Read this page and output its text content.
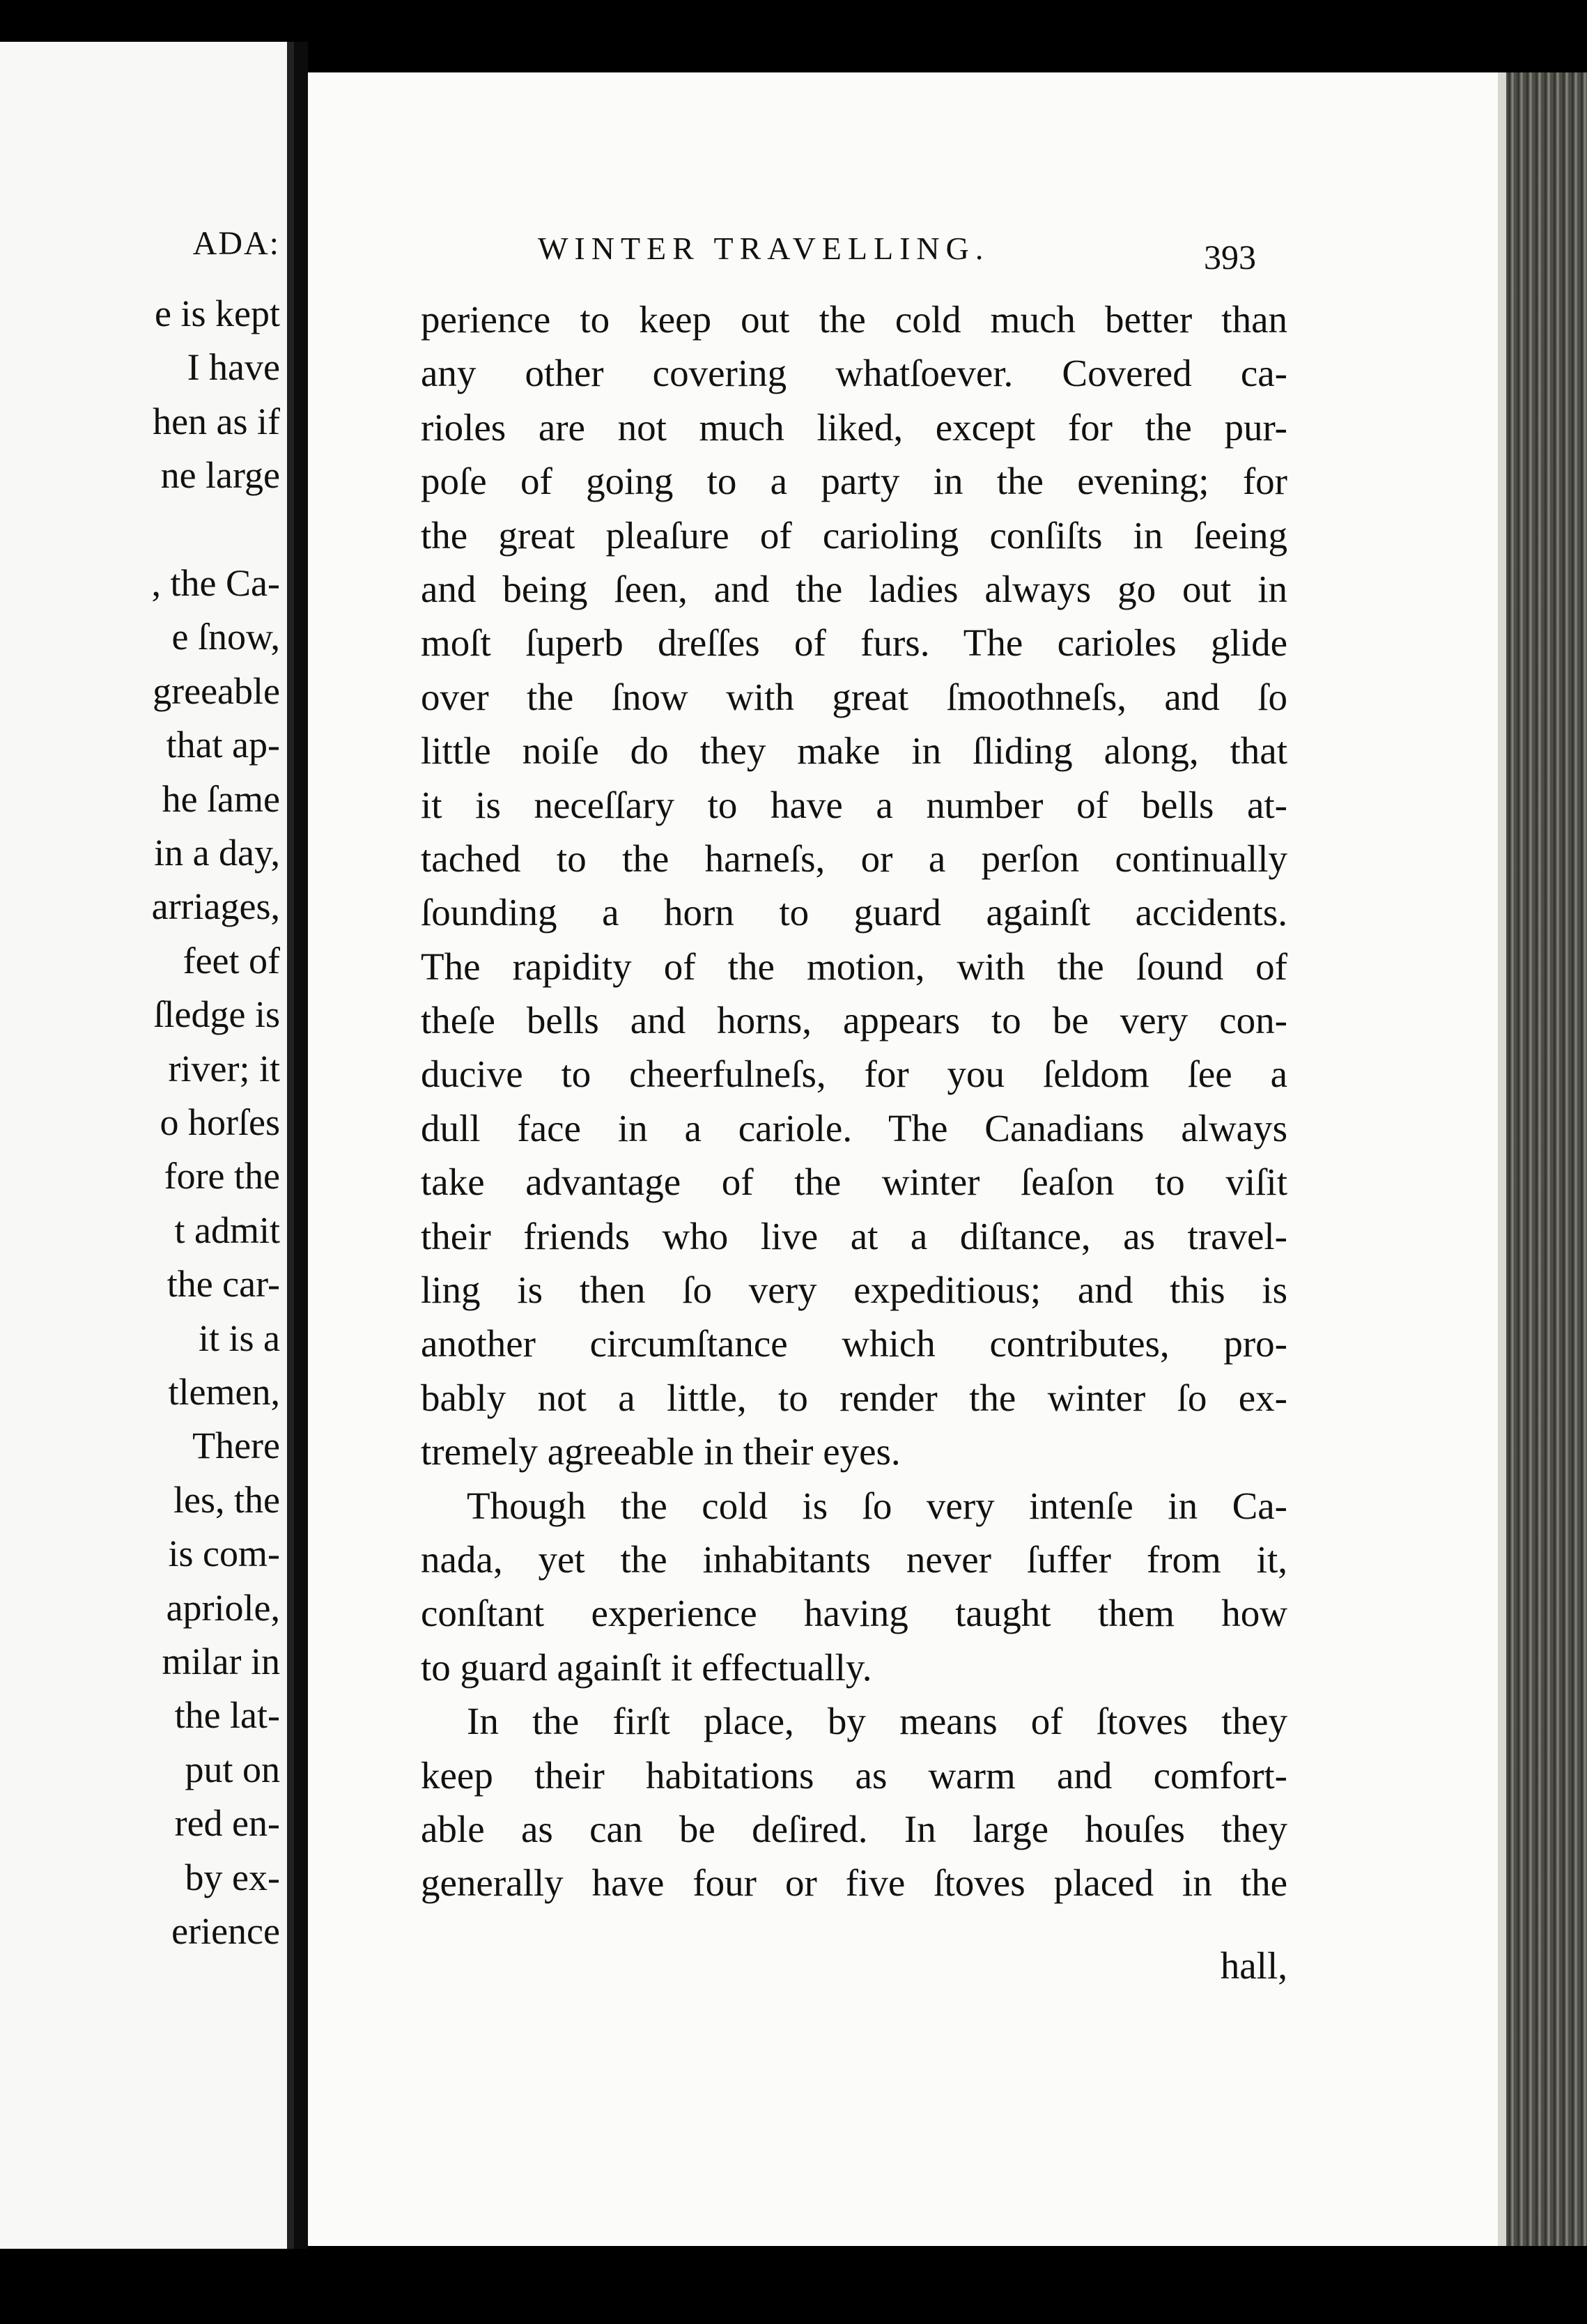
ADA:
e is kept
I have
hen as if
ne large
, the Ca-
e ſnow,
greeable
that ap-
he ſame
in a day,
arriages,
feet of
ſledge is
river; it
o horſes
fore the
t admit
the car-
it is a
tlemen,
There
les, the
is com-
apriole,
milar in
the lat-
put on
red en-
by ex-
erience
WINTER TRAVELLING.	393
perience to keep out the cold much better than
any other covering whatſoever. Covered ca-
rioles are not much liked, except for the pur-
poſe of going to a party in the evening; for
the great pleaſure of carioling conſiſts in ſeeing
and being ſeen, and the ladies always go out in
moſt ſuperb dreſſes of furs. The carioles glide
over the ſnow with great ſmoothneſs, and ſo
little noiſe do they make in ſliding along, that
it is neceſſary to have a number of bells at-
tached to the harneſs, or a perſon continually
ſounding a horn to guard againſt accidents.
The rapidity of the motion, with the ſound of
theſe bells and horns, appears to be very con-
ducive to cheerfulneſs, for you ſeldom ſee a
dull face in a cariole. The Canadians always
take advantage of the winter ſeaſon to viſit
their friends who live at a diſtance, as travel-
ling is then ſo very expeditious; and this is
another circumſtance which contributes, pro-
bably not a little, to render the winter ſo ex-
tremely agreeable in their eyes.
Though the cold is ſo very intenſe in Ca-
nada, yet the inhabitants never ſuffer from it,
conſtant experience having taught them how
to guard againſt it effectually.
In the firſt place, by means of ſtoves they
keep their habitations as warm and comfort-
able as can be deſired. In large houſes they
generally have four or five ſtoves placed in the
hall,
